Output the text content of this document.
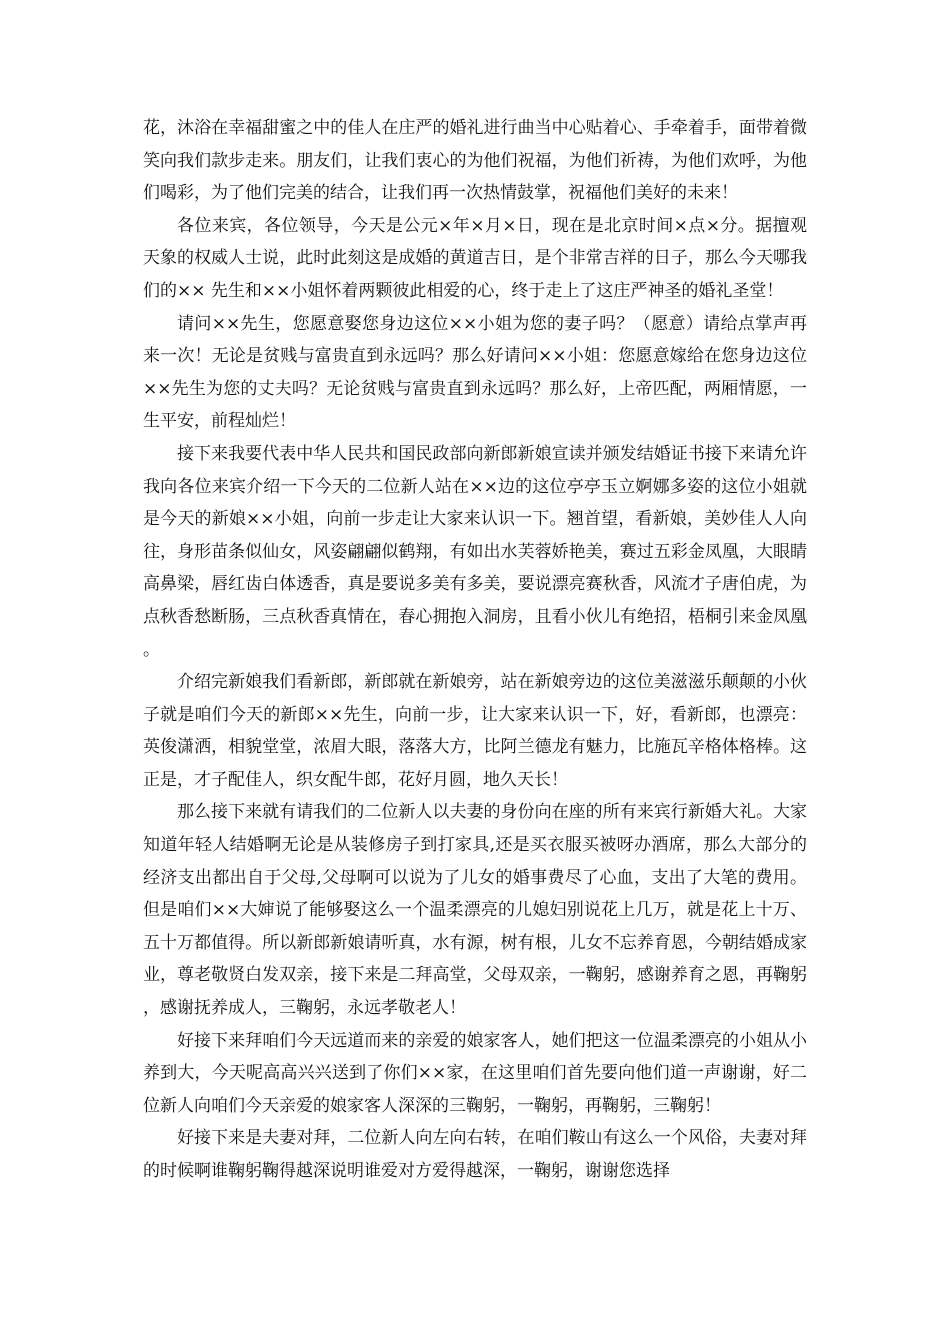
花，沐浴在幸福甜蜜之中的佳人在庄严的婚礼进行曲当中心贴着心、手牵着手，面带着微笑向我们款步走来。朋友们，让我们衷心的为他们祝福，为他们祈祷，为他们欢呼，为他们喝彩，为了他们完美的结合，让我们再一次热情鼓掌，祝福他们美好的未来！

各位来宾，各位领导，今天是公元×年×月×日，现在是北京时间×点×分。据擅观天象的权威人士说，此时此刻这是成婚的黄道吉日，是个非常吉祥的日子，那么今天哪我们的×× 先生和××小姐怀着两颗彼此相爱的心，终于走上了这庄严神圣的婚礼圣堂！

请问××先生，您愿意娶您身边这位××小姐为您的妻子吗？（愿意）请给点掌声再来一次！无论是贫贱与富贵直到永远吗？那么好请问××小姐：您愿意嫁给在您身边这位××先生为您的丈夫吗？无论贫贱与富贵直到永远吗？那么好，上帝匹配，两厢情愿，一生平安，前程灿烂！

接下来我要代表中华人民共和国民政部向新郎新娘宣读并颁发结婚证书接下来请允许我向各位来宾介绍一下今天的二位新人站在××边的这位亭亭玉立婀娜多姿的这位小姐就是今天的新娘××小姐，向前一步走让大家来认识一下。翘首望，看新娘，美妙佳人人向往，身形苗条似仙女，风姿翩翩似鹤翔，有如出水芙蓉娇艳美，赛过五彩金凤凰，大眼睛高鼻梁，唇红齿白体透香，真是要说多美有多美，要说漂亮赛秋香，风流才子唐伯虎，为点秋香愁断肠，三点秋香真情在，春心拥抱入洞房，且看小伙儿有绝招，梧桐引来金凤凰。

介绍完新娘我们看新郎，新郎就在新娘旁，站在新娘旁边的这位美滋滋乐颠颠的小伙子就是咱们今天的新郎××先生，向前一步，让大家来认识一下，好，看新郎，也漂亮：英俊潇洒，相貌堂堂，浓眉大眼，落落大方，比阿兰德龙有魅力，比施瓦辛格体格棒。这正是，才子配佳人，织女配牛郎，花好月圆，地久天长！

那么接下来就有请我们的二位新人以夫妻的身份向在座的所有来宾行新婚大礼。大家知道年轻人结婚啊无论是从装修房子到打家具,还是买衣服买被呀办酒席，那么大部分的经济支出都出自于父母,父母啊可以说为了儿女的婚事费尽了心血，支出了大笔的费用。但是咱们××大婶说了能够娶这么一个温柔漂亮的儿媳妇别说花上几万，就是花上十万、五十万都值得。所以新郎新娘请听真，水有源，树有根，儿女不忘养育恩，今朝结婚成家业，尊老敬贤白发双亲，接下来是二拜高堂，父母双亲，一鞠躬，感谢养育之恩，再鞠躬，感谢抚养成人，三鞠躬，永远孝敬老人！

好接下来拜咱们今天远道而来的亲爱的娘家客人，她们把这一位温柔漂亮的小姐从小养到大，今天呢高高兴兴送到了你们××家，在这里咱们首先要向他们道一声谢谢，好二位新人向咱们今天亲爱的娘家客人深深的三鞠躬，一鞠躬，再鞠躬，三鞠躬！

好接下来是夫妻对拜，二位新人向左向右转，在咱们鞍山有这么一个风俗，夫妻对拜的时候啊谁鞠躬鞠得越深说明谁爱对方爱得越深，一鞠躬，谢谢您选择
